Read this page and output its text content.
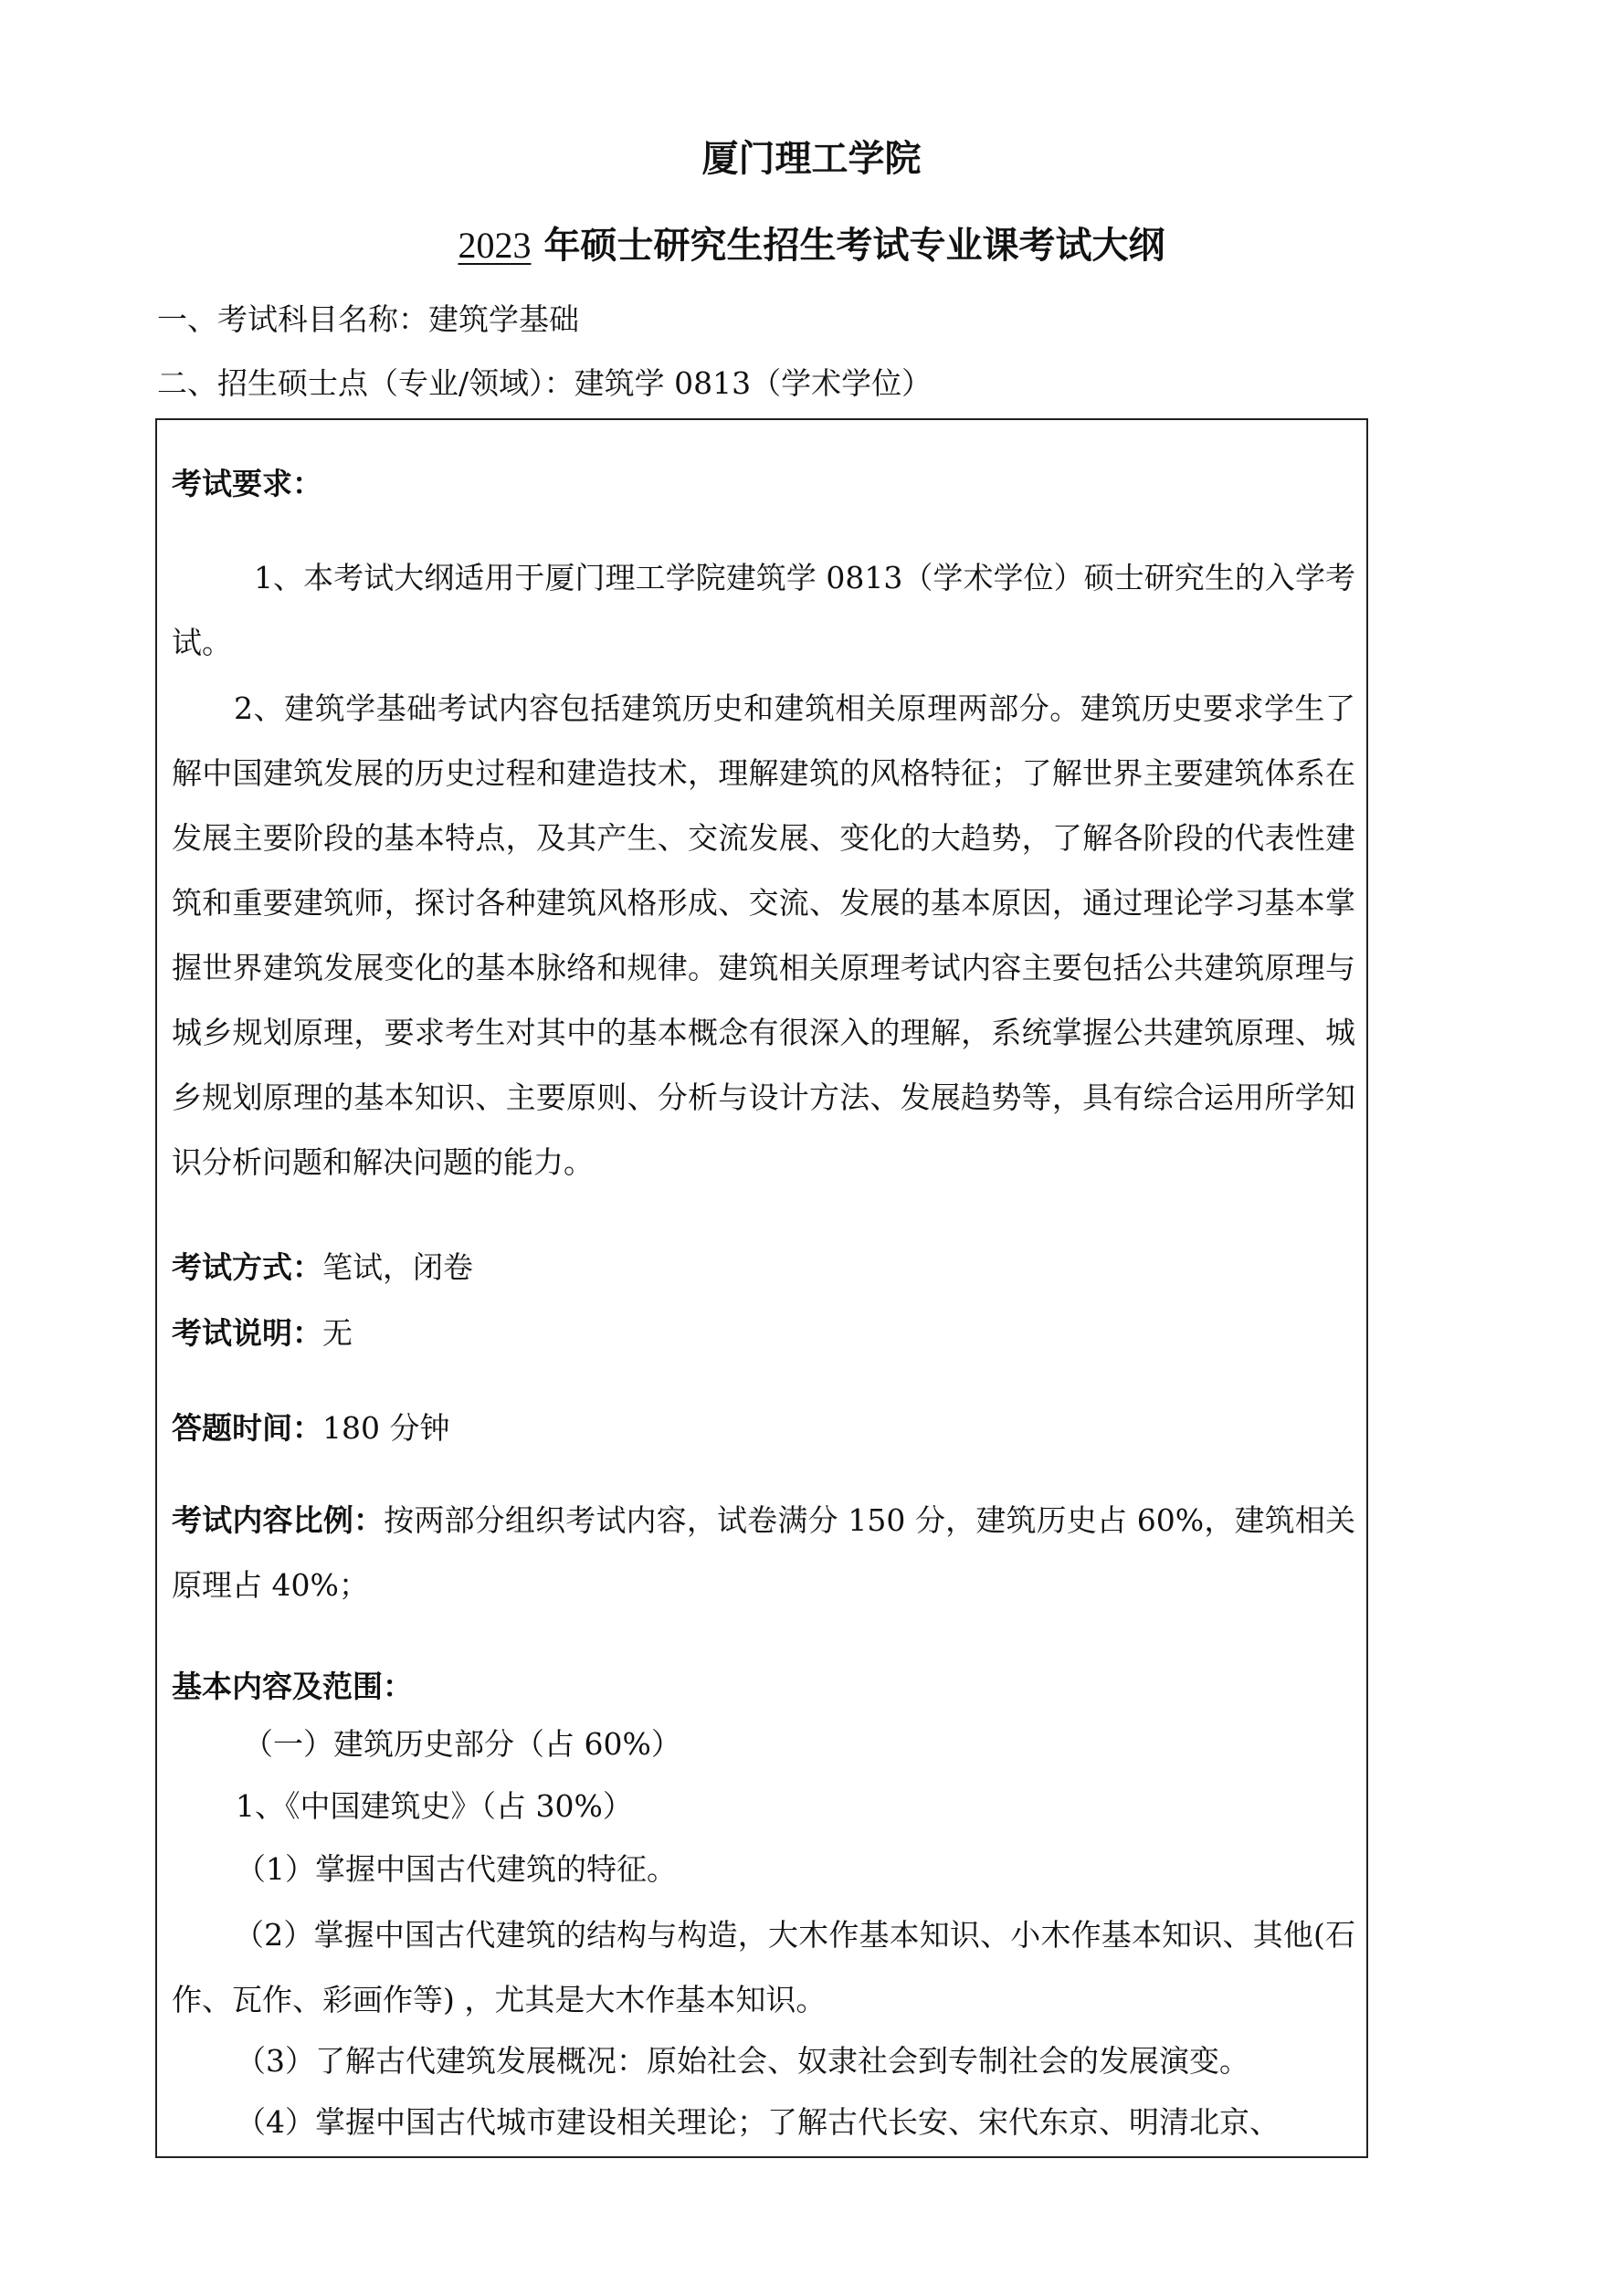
厦门理工学院
2023 年硕士研究生招生考试专业课考试大纲
一、考试科目名称：建筑学基础
二、招生硕士点（专业/领域）：建筑学 0813（学术学位）
考试要求：
1、本考试大纲适用于厦门理工学院建筑学 0813（学术学位）硕士研究生的入学考试。
2、建筑学基础考试内容包括建筑历史和建筑相关原理两部分。建筑历史要求学生了解中国建筑发展的历史过程和建造技术，理解建筑的风格特征；了解世界主要建筑体系在发展主要阶段的基本特点，及其产生、交流发展、变化的大趋势，了解各阶段的代表性建筑和重要建筑师，探讨各种建筑风格形成、交流、发展的基本原因，通过理论学习基本掌握世界建筑发展变化的基本脉络和规律。建筑相关原理考试内容主要包括公共建筑原理与城乡规划原理，要求考生对其中的基本概念有很深入的理解，系统掌握公共建筑原理、城乡规划原理的基本知识、主要原则、分析与设计方法、发展趋势等，具有综合运用所学知识分析问题和解决问题的能力。
考试方式：笔试，闭卷
考试说明：无
答题时间：180 分钟
考试内容比例：按两部分组织考试内容，试卷满分 150 分，建筑历史占 60%，建筑相关原理占 40%；
基本内容及范围：
（一）建筑历史部分（占 60%）
1、《中国建筑史》（占 30%）
（1）掌握中国古代建筑的特征。
（2）掌握中国古代建筑的结构与构造，大木作基本知识、小木作基本知识、其他(石作、瓦作、彩画作等) ，尤其是大木作基本知识。
（3）了解古代建筑发展概况：原始社会、奴隶社会到专制社会的发展演变。
（4）掌握中国古代城市建设相关理论；了解古代长安、宋代东京、明清北京、
